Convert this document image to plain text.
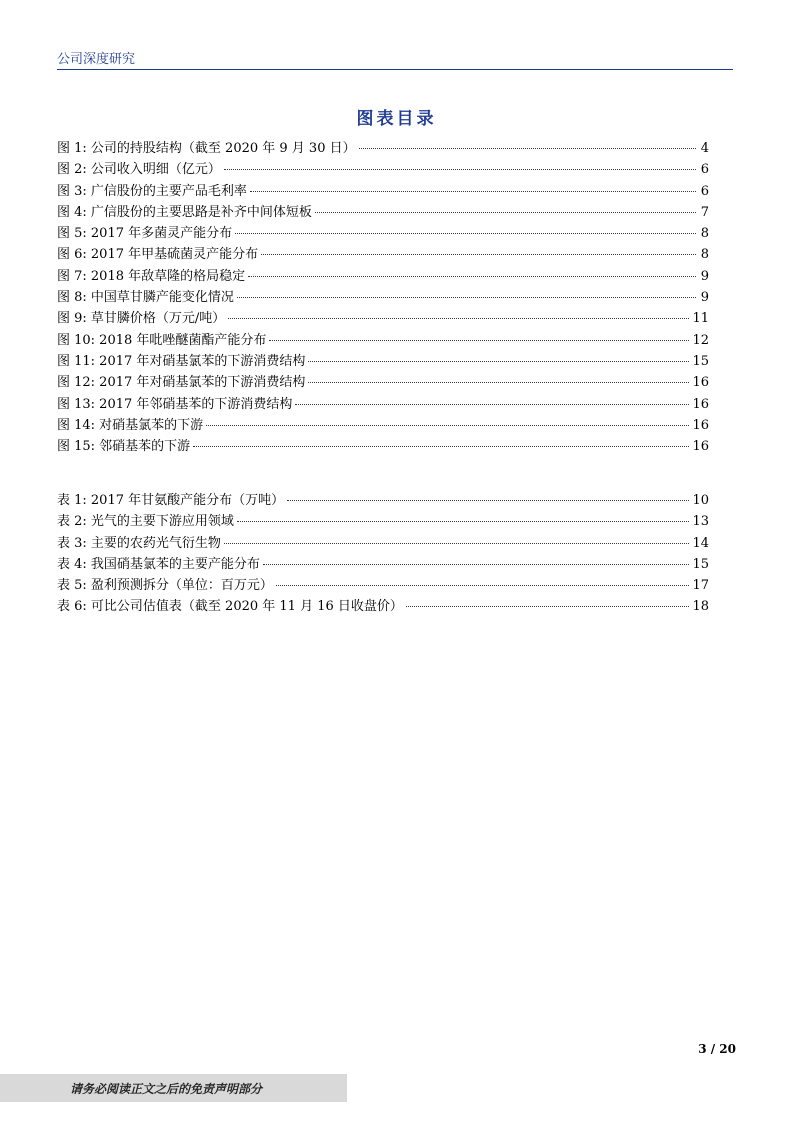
公司深度研究
图表目录
图 1: 公司的持股结构（截至 2020 年 9 月 30 日）	4
图 2: 公司收入明细（亿元）	6
图 3: 广信股份的主要产品毛利率	6
图 4: 广信股份的主要思路是补齐中间体短板	7
图 5: 2017 年多菌灵产能分布	8
图 6: 2017 年甲基硫菌灵产能分布	8
图 7: 2018 年敌草隆的格局稳定	9
图 8: 中国草甘膦产能变化情况	9
图 9: 草甘膦价格（万元/吨）	11
图 10: 2018 年吡唑醚菌酯产能分布	12
图 11: 2017 年对硝基氯苯的下游消费结构	15
图 12: 2017 年对硝基氯苯的下游消费结构	16
图 13: 2017 年邻硝基苯的下游消费结构	16
图 14: 对硝基氯苯的下游	16
图 15: 邻硝基苯的下游	16
表 1: 2017 年甘氨酸产能分布（万吨）	10
表 2: 光气的主要下游应用领域	13
表 3: 主要的农药光气衍生物	14
表 4: 我国硝基氯苯的主要产能分布	15
表 5: 盈利预测拆分（单位：百万元）	17
表 6: 可比公司估值表（截至 2020 年 11 月 16 日收盘价）	18
3 / 20
请务必阅读正文之后的免责声明部分
